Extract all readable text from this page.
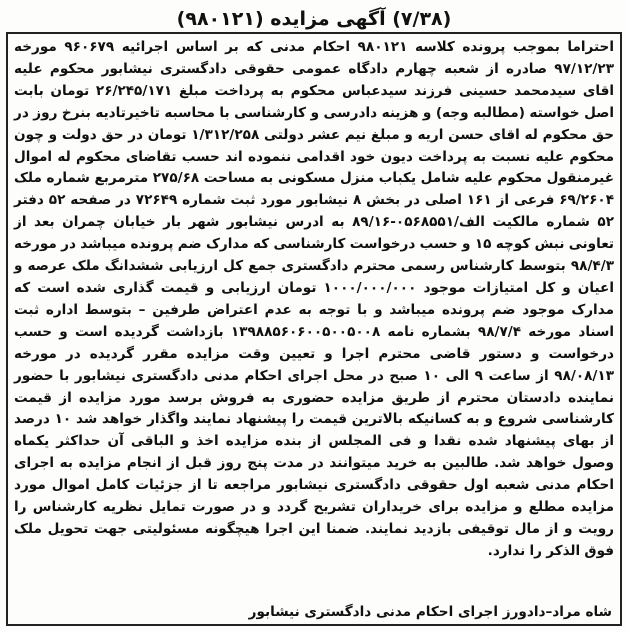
(۷/۳۸) آگهی مزایده (۹۸۰۱۲۱)

احتراما بموجب پرونده کلاسه ۹۸۰۱۲۱ احکام مدنی که بر اساس اجرائیه ۹۶۰۶۷۹ مورخه ۹۷/۱۲/۲۳ صادره از شعبه چهارم دادگاه عمومی حقوقی دادگستری نیشابور محکوم علیه اقای سیدمحمد حسینی فرزند سیدعباس محکوم به پرداخت مبلغ ۲۶/۲۴۵/۱۷۱ تومان بابت اصل خواسته (مطالبه وجه) و هزینه دادرسی و کارشناسی با محاسبه تاخیرتادیه بنرخ روز در حق محکوم له اقای حسن اریه و مبلغ نیم عشر دولتی ۱/۳۱۲/۲۵۸ تومان در حق دولت و چون محکوم علیه نسبت به پرداخت دیون خود اقدامی ننموده اند حسب تقاضای محکوم له اموال غیرمنقول محکوم علیه شامل یکباب منزل مسکونی به مساحت ۲۷۵/۶۸ مترمربع شماره ملک ۶۹/۲۶۰۴ فرعی از ۱۶۱ اصلی در بخش ۸ نیشابور مورد ثبت شماره ۷۲۶۴۹ در صفحه ۵۲ دفتر ۵۲ شماره مالکیت الف/۰۵۶۸۵۵۱-۸۹/۱۶ به ادرس نیشابور شهر بار خیابان چمران بعد از تعاونی نبش کوچه ۱۵ و حسب درخواست کارشناسی که مدارک ضم پرونده میباشد در مورخه ۹۸/۴/۳ بتوسط کارشناس رسمی محترم دادگستری جمع کل ارزیابی ششدانگ ملک عرصه و اعیان و کل امتیازات موجود ۱۰۰۰/۰۰۰/۰۰۰ تومان ارزیابی و قیمت گذاری شده است که مدارک موجود ضم پرونده میباشد و با توجه به عدم اعتراض طرفین – بتوسط اداره ثبت اسناد مورخه ۹۸/۷/۴ بشماره نامه ۱۳۹۸۸۵۶۰۶۰۰۵۰۰۵۰۰۸ بازداشت گردیده است و حسب درخواست و دستور قاضی محترم اجرا و تعیین وقت مزایده مقرر گردیده در مورخه ۹۸/۰۸/۱۳ از ساعت ۹ الی ۱۰ صبح در محل اجرای احکام مدنی دادگستری نیشابور با حضور نماینده دادستان محترم از طریق مزایده حضوری به فروش برسد مورد مزایده از قیمت کارشناسی شروع و به کسانیکه بالاترین قیمت را پیشنهاد نمایند واگذار خواهد شد ۱۰ درصد از بهای پیشنهاد شده نقدا و فی المجلس از بنده مزایده اخذ و الباقی آن حداکثر یکماه وصول خواهد شد. طالبین به خرید میتوانند در مدت پنج روز قبل از انجام مزایده به اجرای احکام مدنی شعبه اول حقوقی دادگستری نیشابور مراجعه تا از جزئیات کامل اموال مورد مزایده مطلع و مزایده برای خریداران تشریح گردد و در صورت تمایل نظریه کارشناس را رویت و از مال توقیفی بازدید نمایند. ضمنا این اجرا هیچگونه مسئولیتی جهت تحویل ملک فوق الذکر را ندارد.

شاه مراد–دادورز اجرای احکام مدنی دادگستری نیشابور
